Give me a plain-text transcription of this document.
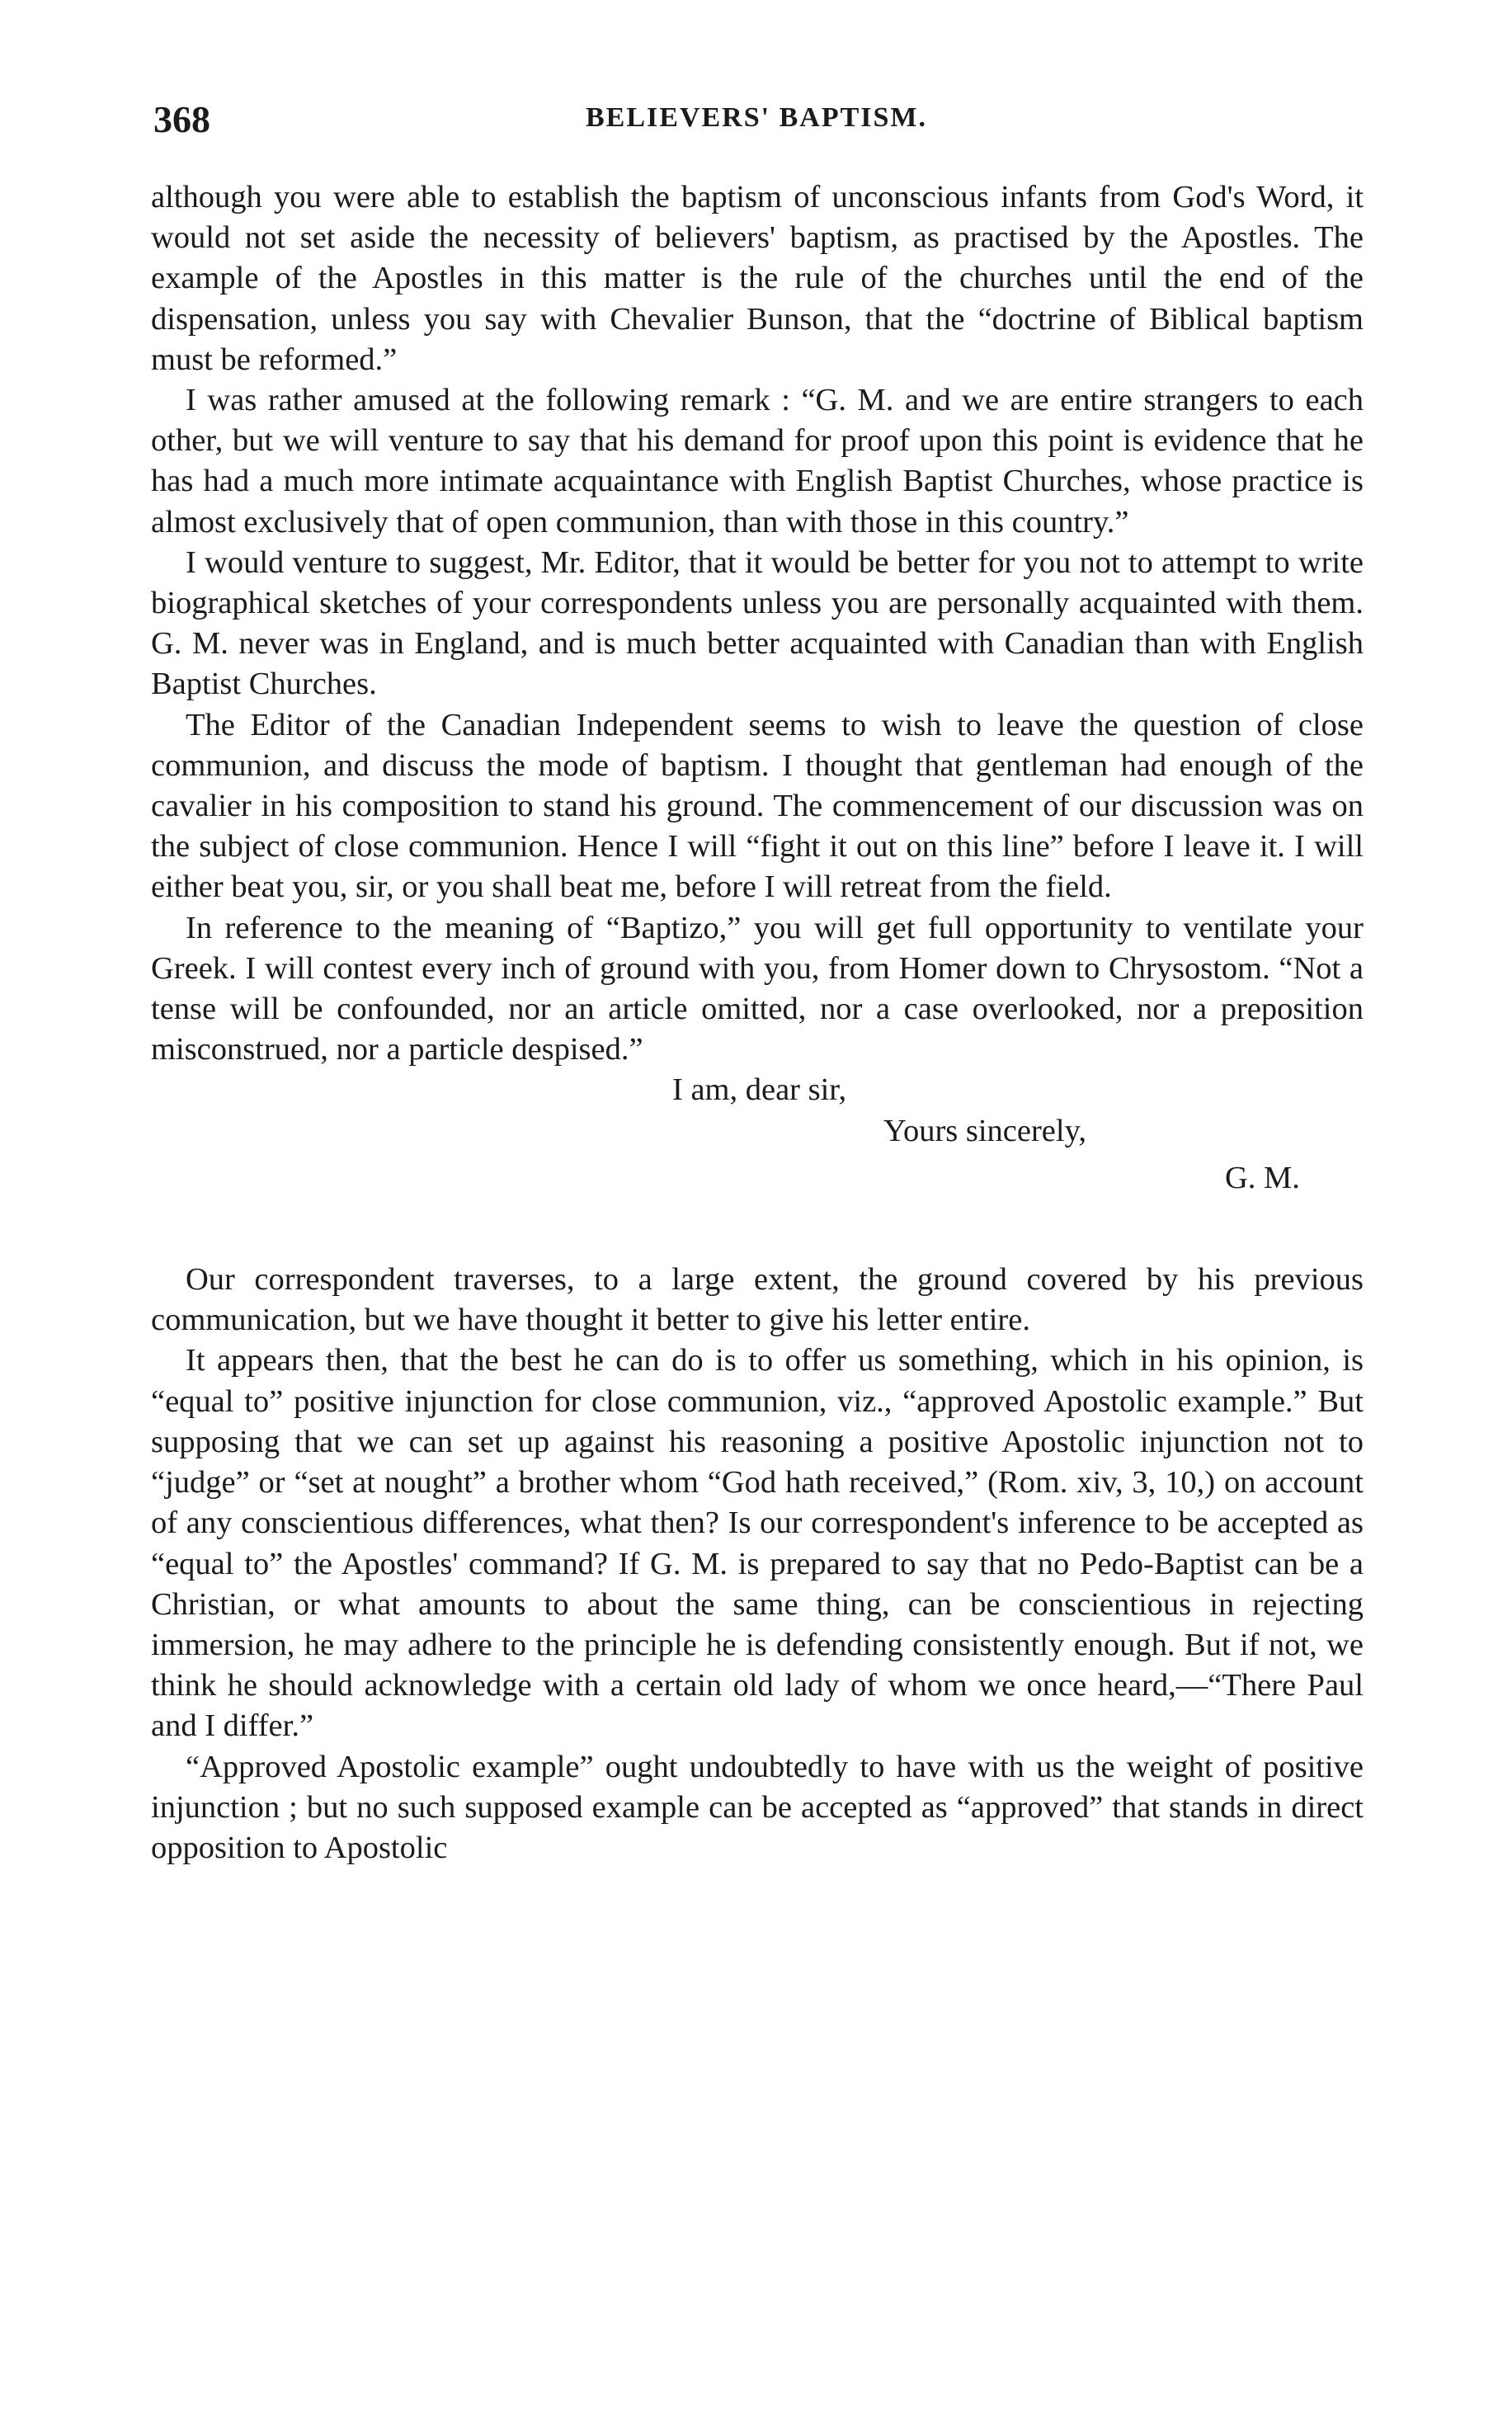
368	BELIEVERS' BAPTISM.

although you were able to establish the baptism of unconscious infants from God's Word, it would not set aside the necessity of believers' baptism, as practised by the Apostles. The example of the Apostles in this matter is the rule of the churches until the end of the dispensation, unless you say with Chevalier Bunson, that the “doctrine of Biblical baptism must be reformed.”

I was rather amused at the following remark : “G. M. and we are entire strangers to each other, but we will venture to say that his demand for proof upon this point is evidence that he has had a much more intimate acquaintance with English Baptist Churches, whose practice is almost exclusively that of open communion, than with those in this country.”

I would venture to suggest, Mr. Editor, that it would be better for you not to attempt to write biographical sketches of your correspondents unless you are personally acquainted with them. G. M. never was in England, and is much better acquainted with Canadian than with English Baptist Churches.

The Editor of the Canadian Independent seems to wish to leave the question of close communion, and discuss the mode of baptism. I thought that gentleman had enough of the cavalier in his composition to stand his ground. The commencement of our discussion was on the subject of close communion. Hence I will “fight it out on this line” before I leave it. I will either beat you, sir, or you shall beat me, before I will retreat from the field.

In reference to the meaning of “Baptizo,” you will get full opportunity to ventilate your Greek. I will contest every inch of ground with you, from Homer down to Chrysostom. “Not a tense will be confounded, nor an article omitted, nor a case overlooked, nor a preposition misconstrued, nor a particle despised.”

I am, dear sir,
Yours sincerely,
G. M.

Our correspondent traverses, to a large extent, the ground covered by his previous communication, but we have thought it better to give his letter entire.

It appears then, that the best he can do is to offer us something, which in his opinion, is “equal to” positive injunction for close communion, viz., “approved Apostolic example.” But supposing that we can set up against his reasoning a positive Apostolic injunction not to “judge” or “set at nought” a brother whom “God hath received,” (Rom. xiv, 3, 10,) on account of any conscientious differences, what then? Is our correspondent's inference to be accepted as “equal to” the Apostles' command? If G. M. is prepared to say that no Pedo-Baptist can be a Christian, or what amounts to about the same thing, can be conscientious in rejecting immersion, he may adhere to the principle he is defending consistently enough. But if not, we think he should acknowledge with a certain old lady of whom we once heard,—“There Paul and I differ.”

“Approved Apostolic example” ought undoubtedly to have with us the weight of positive injunction ; but no such supposed example can be accepted as “approved” that stands in direct opposition to Apostolic
